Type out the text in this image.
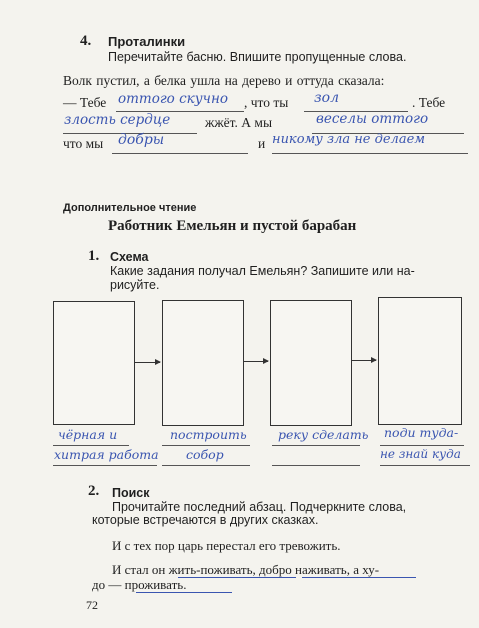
4. Проталинки
Перечитайте басню. Впишите пропущенные слова.
Волк пустил, а белка ушла на дерево и оттуда сказала:
— Тебе оттого скучно , что ты зол	. Тебе
злость сердце	жжёт. А мы	веселы оттого
что мы добры	и никому зла не делаем
Дополнительное чтение
Работник Емельян и пустой барабан
1. Схема
Какие задания получал Емельян? Запишите или на-
рисуйте.
чёрная и
хитрая работа
построить
собор
реку сделать поди туда-
не знай куда
2. Поиск
Прочитайте последний абзац. Подчеркните слова,
которые встречаются в других сказках.
И с тех пор царь перестал его тревожить.
И стал он жить-поживать, добро наживать, а ху-
до — проживать.
72
